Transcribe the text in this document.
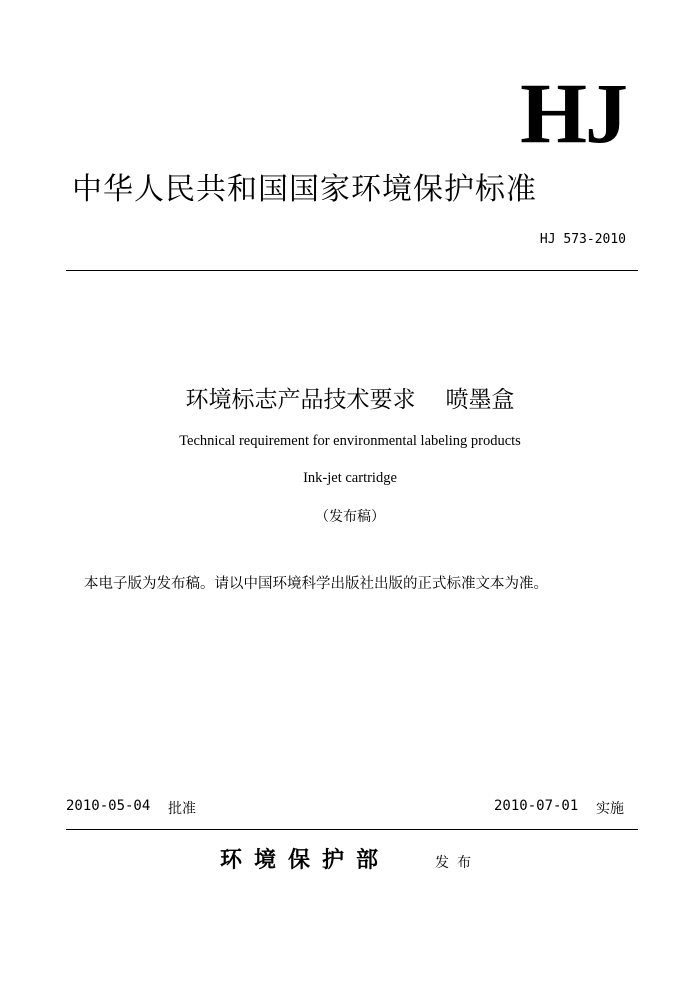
HJ
中华人民共和国国家环境保护标准
HJ 573-2010
环境标志产品技术要求 喷墨盒
Technical requirement for environmental labeling products
Ink-jet cartridge
（发布稿）
本电子版为发布稿。请以中国环境科学出版社出版的正式标准文本为准。
2010-05-04 批准	2010-07-01 实施
环境保护部	发布
